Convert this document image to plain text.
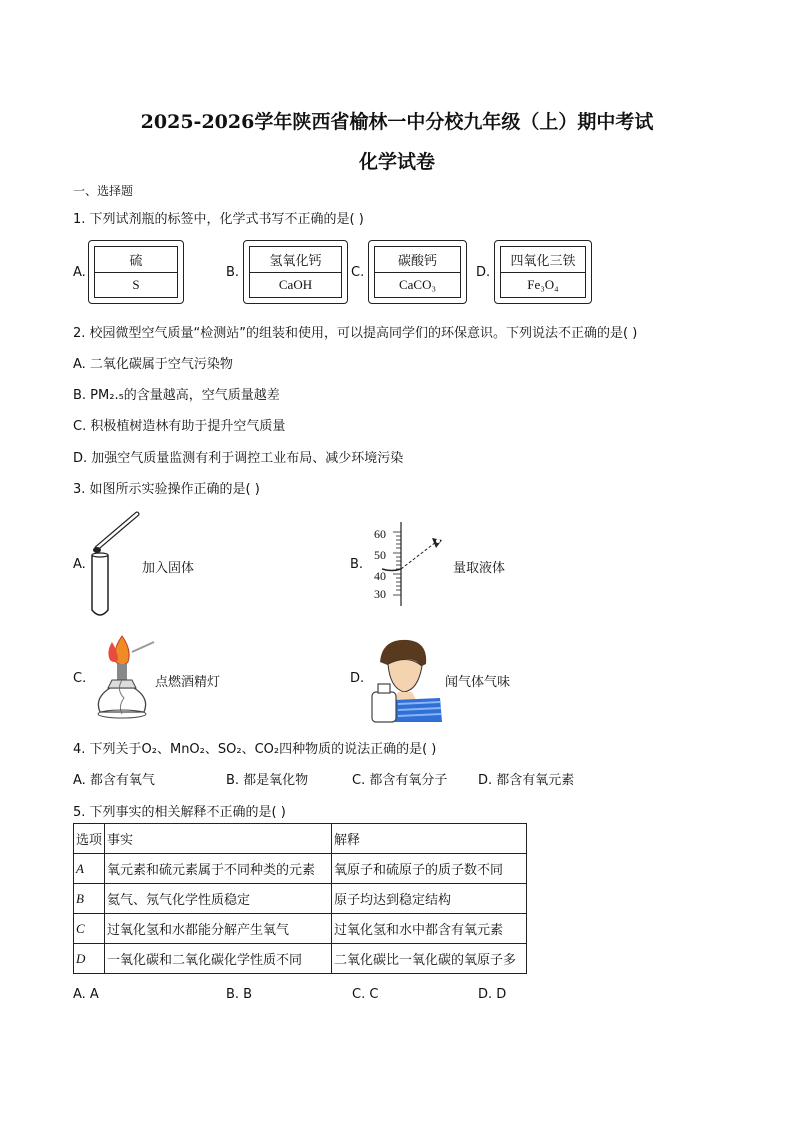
2025-2026学年陕西省榆林一中分校九年级（上）期中考试
化学试卷
一、选择题
1. 下列试剂瓶的标签中，化学式书写不正确的是( )
A.
硫
S
B.
氢氧化钙
CaOH
C.
碳酸钙
CaCO₃
D.
四氧化三铁
Fe₃O₄
2. 校园微型空气质量“检测站”的组装和使用，可以提高同学们的环保意识。下列说法不正确的是( )
A. 二氧化碳属于空气污染物
B. PM₂.₅的含量越高，空气质量越差
C. 积极植树造林有助于提升空气质量
D. 加强空气质量监测有利于调控工业布局、减少环境污染
3. 如图所示实验操作正确的是( )
A.	加入固体	B.
60
50
40
30
量取液体
C.	点燃酒精灯	D.	闻气体气味
4. 下列关于O₂、MnO₂、SO₂、CO₂四种物质的说法正确的是( )
A. 都含有氧气	B. 都是氧化物	C. 都含有氧分子 D. 都含有氧元素
5. 下列事实的相关解释不正确的是( )
选项	事实	解释
A	氧元素和硫元素属于不同种类的元素	氧原子和硫原子的质子数不同
B	氦气、氖气化学性质稳定	原子均达到稳定结构
C	过氧化氢和水都能分解产生氧气	过氧化氢和水中都含有氧元素
D	一氧化碳和二氧化碳化学性质不同	二氧化碳比一氧化碳的氧原子多
A. A	B. B	C. C	D. D
